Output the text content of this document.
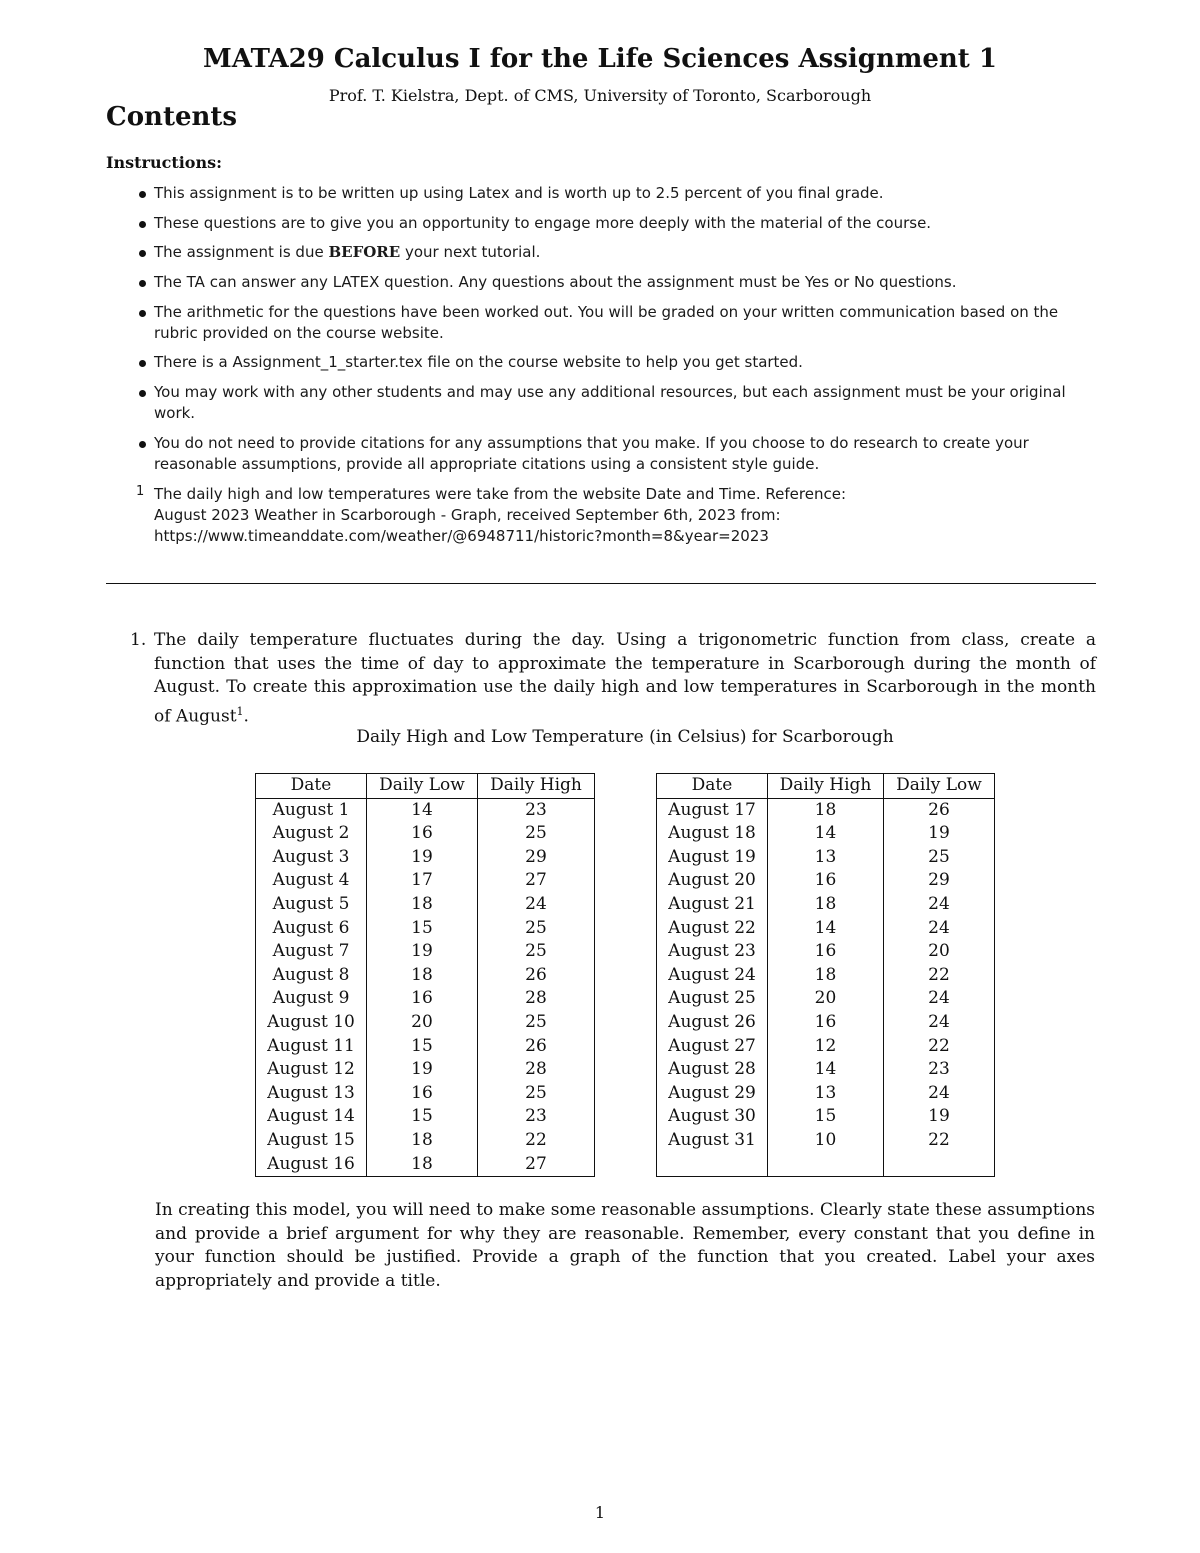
MATA29 Calculus I for the Life Sciences Assignment 1
Prof. T. Kielstra, Dept. of CMS, University of Toronto, Scarborough
Contents
Instructions:
This assignment is to be written up using Latex and is worth up to 2.5 percent of you final grade.
These questions are to give you an opportunity to engage more deeply with the material of the course.
The assignment is due BEFORE your next tutorial.
The TA can answer any LATEX question. Any questions about the assignment must be Yes or No questions.
The arithmetic for the questions have been worked out. You will be graded on your written communication based on the rubric provided on the course website.
There is a Assignment_1_starter.tex file on the course website to help you get started.
You may work with any other students and may use any additional resources, but each assignment must be your original work.
You do not need to provide citations for any assumptions that you make. If you choose to do research to create your reasonable assumptions, provide all appropriate citations using a consistent style guide.
1 The daily high and low temperatures were take from the website Date and Time. Reference:
August 2023 Weather in Scarborough - Graph, received September 6th, 2023 from:
https://www.timeanddate.com/weather/@6948711/historic?month=8&year=2023
1. The daily temperature fluctuates during the day. Using a trigonometric function from class, create a function that uses the time of day to approximate the temperature in Scarborough during the month of August. To create this approximation use the daily high and low temperatures in Scarborough in the month of August$^1$.
Daily High and Low Temperature (in Celsius) for Scarborough
Date	Daily Low	Daily High
August 1	14	23
August 2	16	25
August 3	19	29
August 4	17	27
August 5	18	24
August 6	15	25
August 7	19	25
August 8	18	26
August 9	16	28
August 10	20	25
August 11	15	26
August 12	19	28
August 13	16	25
August 14	15	23
August 15	18	22
August 16	18	27
Date	Daily High	Daily Low
August 17	18	26
August 18	14	19
August 19	13	25
August 20	16	29
August 21	18	24
August 22	14	24
August 23	16	20
August 24	18	22
August 25	20	24
August 26	16	24
August 27	12	22
August 28	14	23
August 29	13	24
August 30	15	19
August 31	10	22

In creating this model, you will need to make some reasonable assumptions. Clearly state these assumptions and provide a brief argument for why they are reasonable. Remember, every constant that you define in your function should be justified. Provide a graph of the function that you created. Label your axes appropriately and provide a title.
1
